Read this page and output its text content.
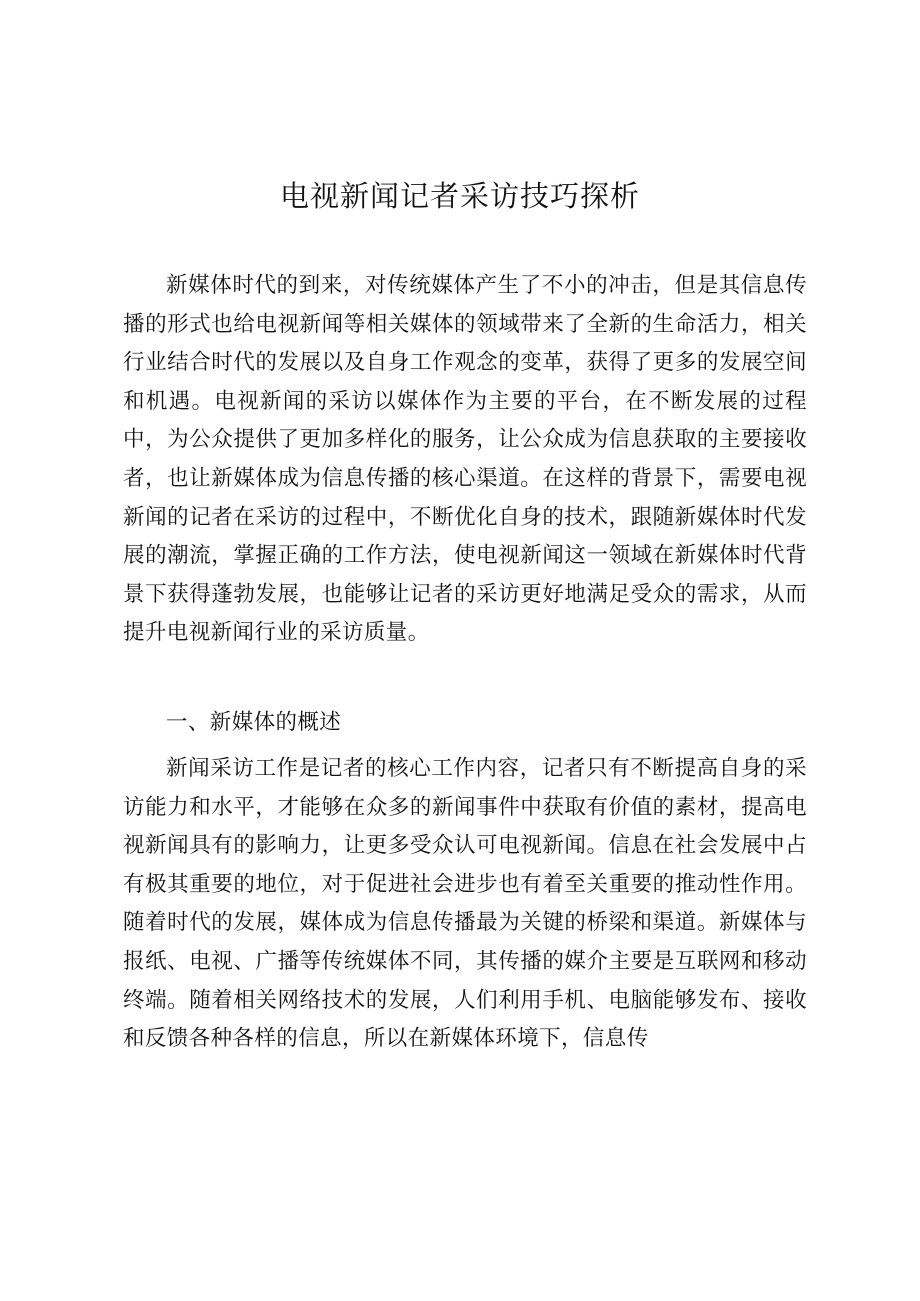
电视新闻记者采访技巧探析

新媒体时代的到来，对传统媒体产生了不小的冲击，但是其信息传播的形式也给电视新闻等相关媒体的领域带来了全新的生命活力，相关行业结合时代的发展以及自身工作观念的变革，获得了更多的发展空间和机遇。电视新闻的采访以媒体作为主要的平台，在不断发展的过程中，为公众提供了更加多样化的服务，让公众成为信息获取的主要接收者，也让新媒体成为信息传播的核心渠道。在这样的背景下，需要电视新闻的记者在采访的过程中，不断优化自身的技术，跟随新媒体时代发展的潮流，掌握正确的工作方法，使电视新闻这一领域在新媒体时代背景下获得蓬勃发展，也能够让记者的采访更好地满足受众的需求，从而提升电视新闻行业的采访质量。

一、新媒体的概述

新闻采访工作是记者的核心工作内容，记者只有不断提高自身的采访能力和水平，才能够在众多的新闻事件中获取有价值的素材，提高电视新闻具有的影响力，让更多受众认可电视新闻。信息在社会发展中占有极其重要的地位，对于促进社会进步也有着至关重要的推动性作用。随着时代的发展，媒体成为信息传播最为关键的桥梁和渠道。新媒体与报纸、电视、广播等传统媒体不同，其传播的媒介主要是互联网和移动终端。随着相关网络技术的发展，人们利用手机、电脑能够发布、接收和反馈各种各样的信息，所以在新媒体环境下，信息传
